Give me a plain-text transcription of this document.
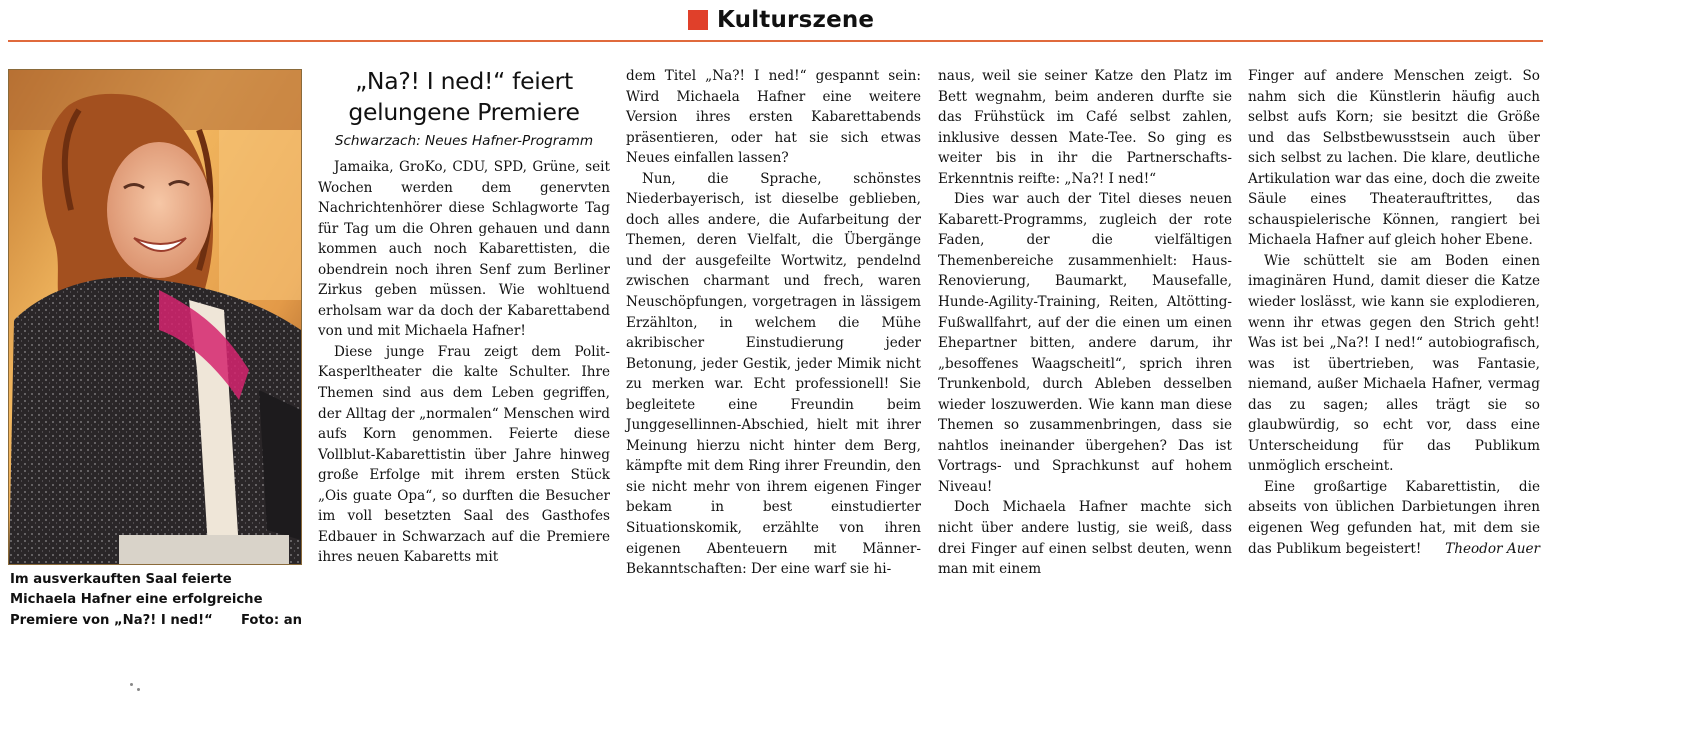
Kulturszene
Im ausverkauften Saal feierte Michaela Hafner eine erfolgreiche Premiere von „Na?! I ned!“	Foto: an
„Na?! I ned!“ feiert gelungene Premiere
Schwarzach: Neues Hafner-Programm

Jamaika, GroKo, CDU, SPD, Grüne, seit Wochen werden dem genervten Nachrichtenhörer diese Schlagworte Tag für Tag um die Ohren gehauen und dann kommen auch noch Kabarettisten, die obendrein noch ihren Senf zum Berliner Zirkus geben müssen. Wie wohltuend erholsam war da doch der Kabarettabend von und mit Michaela Hafner!

Diese junge Frau zeigt dem Polit-Kasperltheater die kalte Schulter. Ihre Themen sind aus dem Leben gegriffen, der Alltag der „normalen“ Menschen wird aufs Korn genommen. Feierte diese Vollblut-Kabarettistin über Jahre hinweg große Erfolge mit ihrem ersten Stück „Ois guate Opa“, so durften die Besucher im voll besetzten Saal des Gasthofes Edbauer in Schwarzach auf die Premiere ihres neuen Kabaretts mit

dem Titel „Na?! I ned!“ gespannt sein: Wird Michaela Hafner eine weitere Version ihres ersten Kabarettabends präsentieren, oder hat sie sich etwas Neues einfallen lassen?

Nun, die Sprache, schönstes Niederbayerisch, ist dieselbe geblieben, doch alles andere, die Aufarbeitung der Themen, deren Vielfalt, die Übergänge und der ausgefeilte Wortwitz, pendelnd zwischen charmant und frech, waren Neuschöpfungen, vorgetragen in lässigem Erzählton, in welchem die Mühe akribischer Einstudierung jeder Betonung, jeder Gestik, jeder Mimik nicht zu merken war. Echt professionell! Sie begleitete eine Freundin beim Junggesellinnen-Abschied, hielt mit ihrer Meinung hierzu nicht hinter dem Berg, kämpfte mit dem Ring ihrer Freundin, den sie nicht mehr von ihrem eigenen Finger bekam in best einstudierter Situationskomik, erzählte von ihren eigenen Abenteuern mit Männer-Bekanntschaften: Der eine warf sie hi-

naus, weil sie seiner Katze den Platz im Bett wegnahm, beim anderen durfte sie das Frühstück im Café selbst zahlen, inklusive dessen Mate-Tee. So ging es weiter bis in ihr die Partnerschafts-Erkenntnis reifte: „Na?! I ned!“

Dies war auch der Titel dieses neuen Kabarett-Programms, zugleich der rote Faden, der die vielfältigen Themenbereiche zusammenhielt: Haus-Renovierung, Baumarkt, Mausefalle, Hunde-Agility-Training, Reiten, Altötting-Fußwallfahrt, auf der die einen um einen Ehepartner bitten, andere darum, ihr „besoffenes Waagscheitl“, sprich ihren Trunkenbold, durch Ableben desselben wieder loszuwerden. Wie kann man diese Themen so zusammenbringen, dass sie nahtlos ineinander übergehen? Das ist Vortrags- und Sprachkunst auf hohem Niveau!

Doch Michaela Hafner machte sich nicht über andere lustig, sie weiß, dass drei Finger auf einen selbst deuten, wenn man mit einem

Finger auf andere Menschen zeigt. So nahm sich die Künstlerin häufig auch selbst aufs Korn; sie besitzt die Größe und das Selbstbewusstsein auch über sich selbst zu lachen. Die klare, deutliche Artikulation war das eine, doch die zweite Säule eines Theaterauftrittes, das schauspielerische Können, rangiert bei Michaela Hafner auf gleich hoher Ebene.

Wie schüttelt sie am Boden einen imaginären Hund, damit dieser die Katze wieder loslässt, wie kann sie explodieren, wenn ihr etwas gegen den Strich geht! Was ist bei „Na?! I ned!“ autobiografisch, was ist übertrieben, was Fantasie, niemand, außer Michaela Hafner, vermag das zu sagen; alles trägt sie so glaubwürdig, so echt vor, dass eine Unterscheidung für das Publikum unmöglich erscheint.

Eine großartige Kabarettistin, die abseits von üblichen Darbietungen ihren eigenen Weg gefunden hat, mit dem sie das Publikum begeistert!	Theodor Auer
